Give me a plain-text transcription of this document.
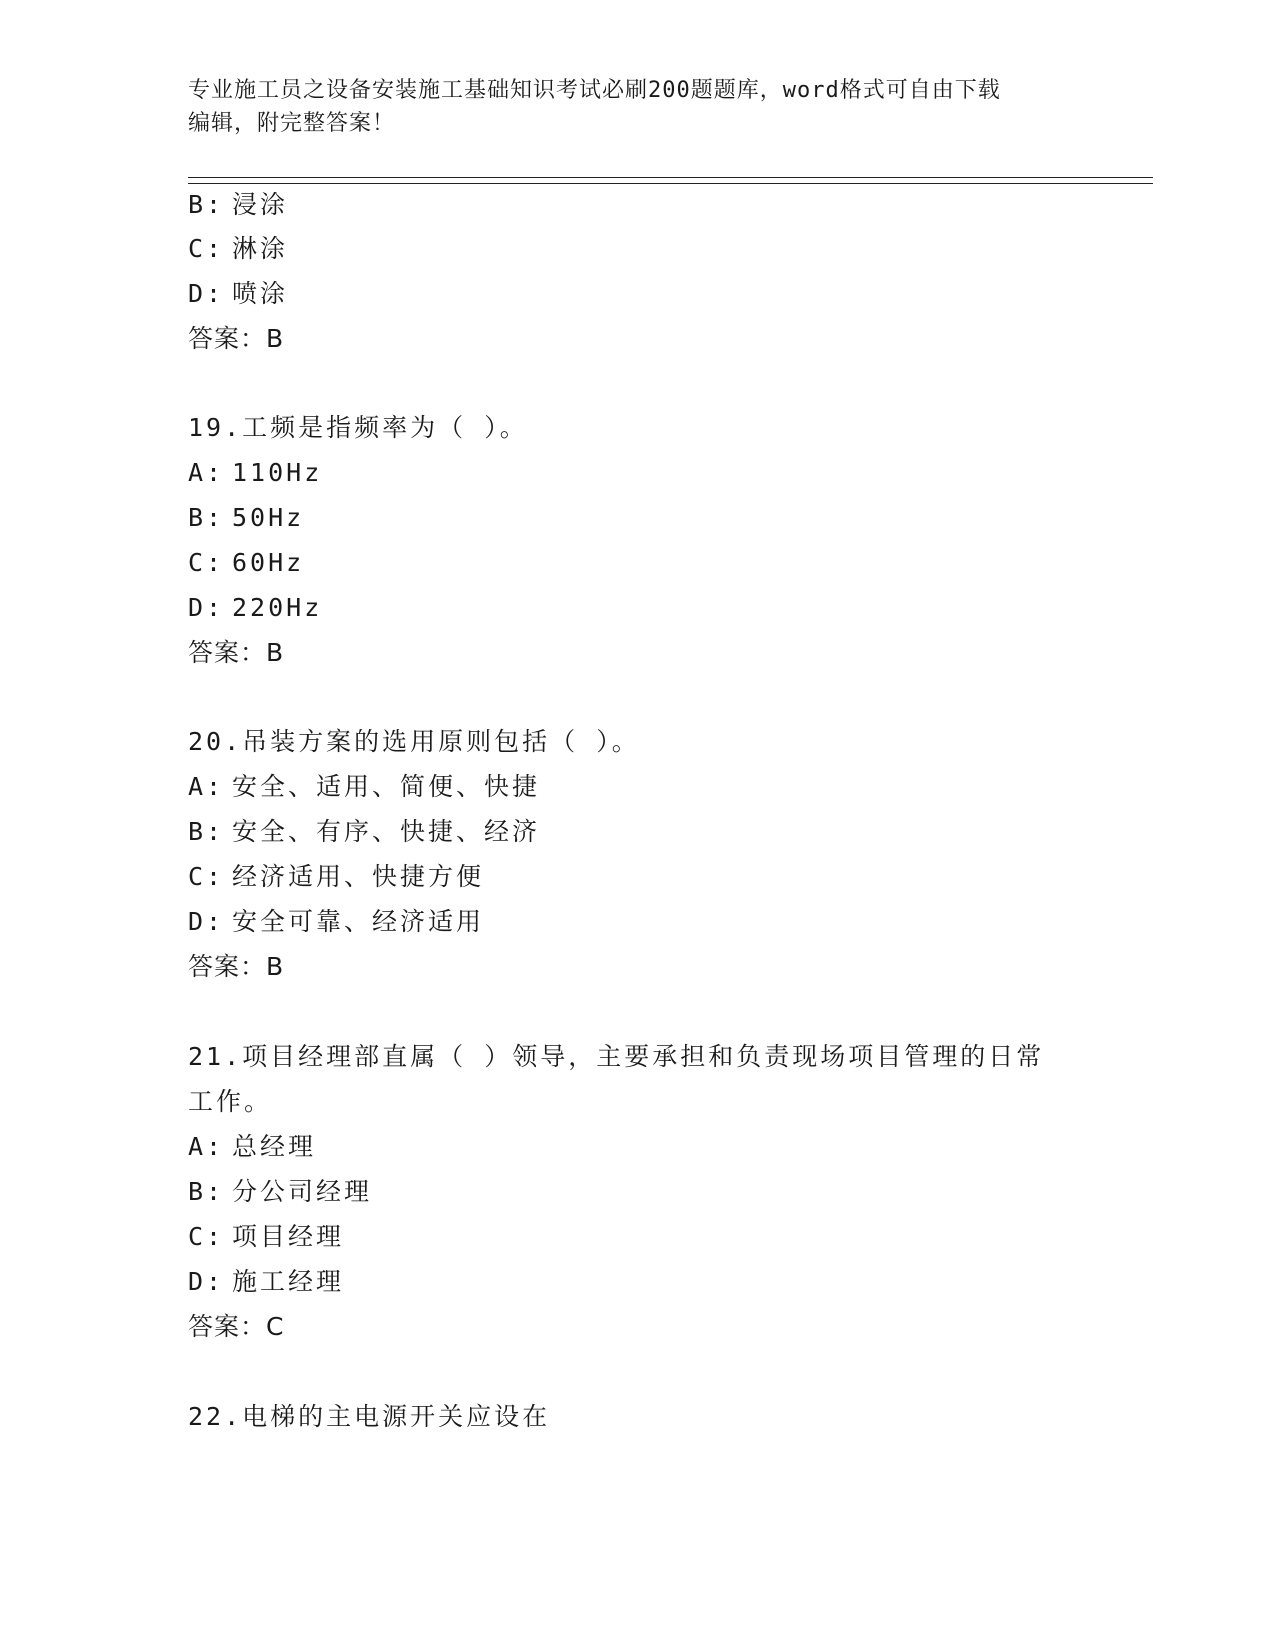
专业施工员之设备安装施工基础知识考试必刷200题题库，word格式可自由下载
编辑，附完整答案！
B: 浸涂
C: 淋涂
D: 喷涂
答案：B
19.工频是指频率为（ ）。
A: 110Hz
B: 50Hz
C: 60Hz
D: 220Hz
答案：B
20.吊装方案的选用原则包括（ ）。
A: 安全、适用、简便、快捷
B: 安全、有序、快捷、经济
C: 经济适用、快捷方便
D: 安全可靠、经济适用
答案：B
21.项目经理部直属（ ）领导，主要承担和负责现场项目管理的日常
工作。
A: 总经理
B: 分公司经理
C: 项目经理
D: 施工经理
答案：C
22.电梯的主电源开关应设在
